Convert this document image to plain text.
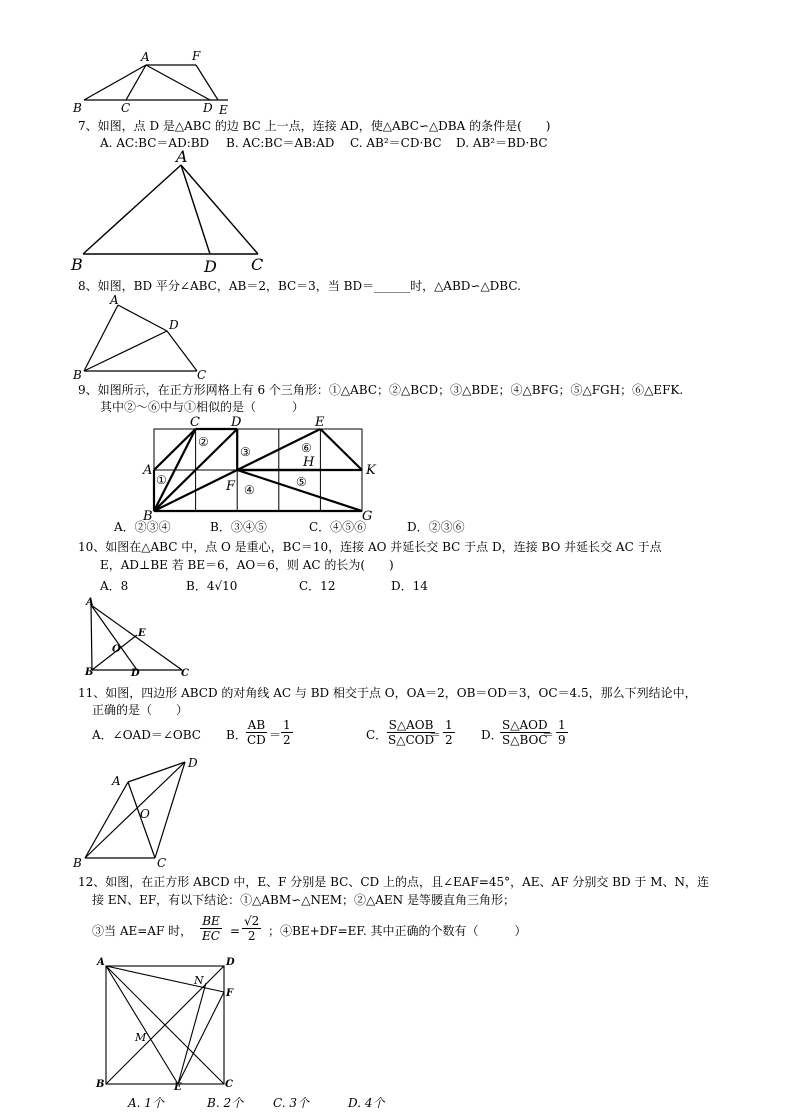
A	F
B	C	D E
7、如图，点 D 是△ABC 的边 BC 上一点，连接 AD，使△ABC∽△DBA 的条件是(　　)
A. AC:BC＝AD:BD B. AC:BC＝AB:AD C. AB²＝CD·BC D. AB²＝BD·BC
A
B	D C
8、如图，BD 平分∠ABC，AB＝2，BC＝3，当 BD＝______时，△ABD∽△DBC.
A
D
B	C
9、如图所示，在正方形网格上有 6 个三角形：①△ABC；②△BCD；③△BDE；④△BFG；⑤△FGH；⑥△EFK.
其中②～⑥中与①相似的是（　　　）
C D	E
A	K
B	G
F
H
①
②
③
④
⑤
⑥
A．②③④	B．③④⑤	C．④⑤⑥	D．②③⑥
10、如图在△ABC 中，点 O 是重心，BC＝10，连接 AO 并延长交 BC 于点 D，连接 BO 并延长交 AC 于点
E，AD⊥BE 若 BE＝6，AO＝6，则 AC 的长为(　　)
A．8	B．4√10	C．12	D．14
A
E
O
B	D	C
11、如图，四边形 ABCD 的对角线 AC 与 BD 相交于点 O，OA＝2，OB＝OD＝3，OC＝4.5，那么下列结论中，
正确的是（　　）
A．∠OAD＝∠OBC B．
$\frac{AB}{CD} = \frac{1}{2}$	C．
S△AOB
S△COD
＝ $\frac{1}{2}$ D．
S△AOD
S△BOC
＝ $\frac{1}{9}$
A
D
O
B	C
12、如图，在正方形 ABCD 中，E、F 分别是 BC、CD 上的点，且∠EAF=45°，AE、AF 分别交 BD 于 M、N，连
接 EN、EF，有以下结论：①△ABM∽△NEM；②△AEN 是等腰直角三角形；
③当 AE=AF 时， $\frac{BE}{EC} = \frac{√2}{2}$ ；④BE+DF=EF. 其中正确的个数有（　　　）
A	D
N
F
M
B	E	C
A. 1个	B. 2个 C. 3个	D. 4个
